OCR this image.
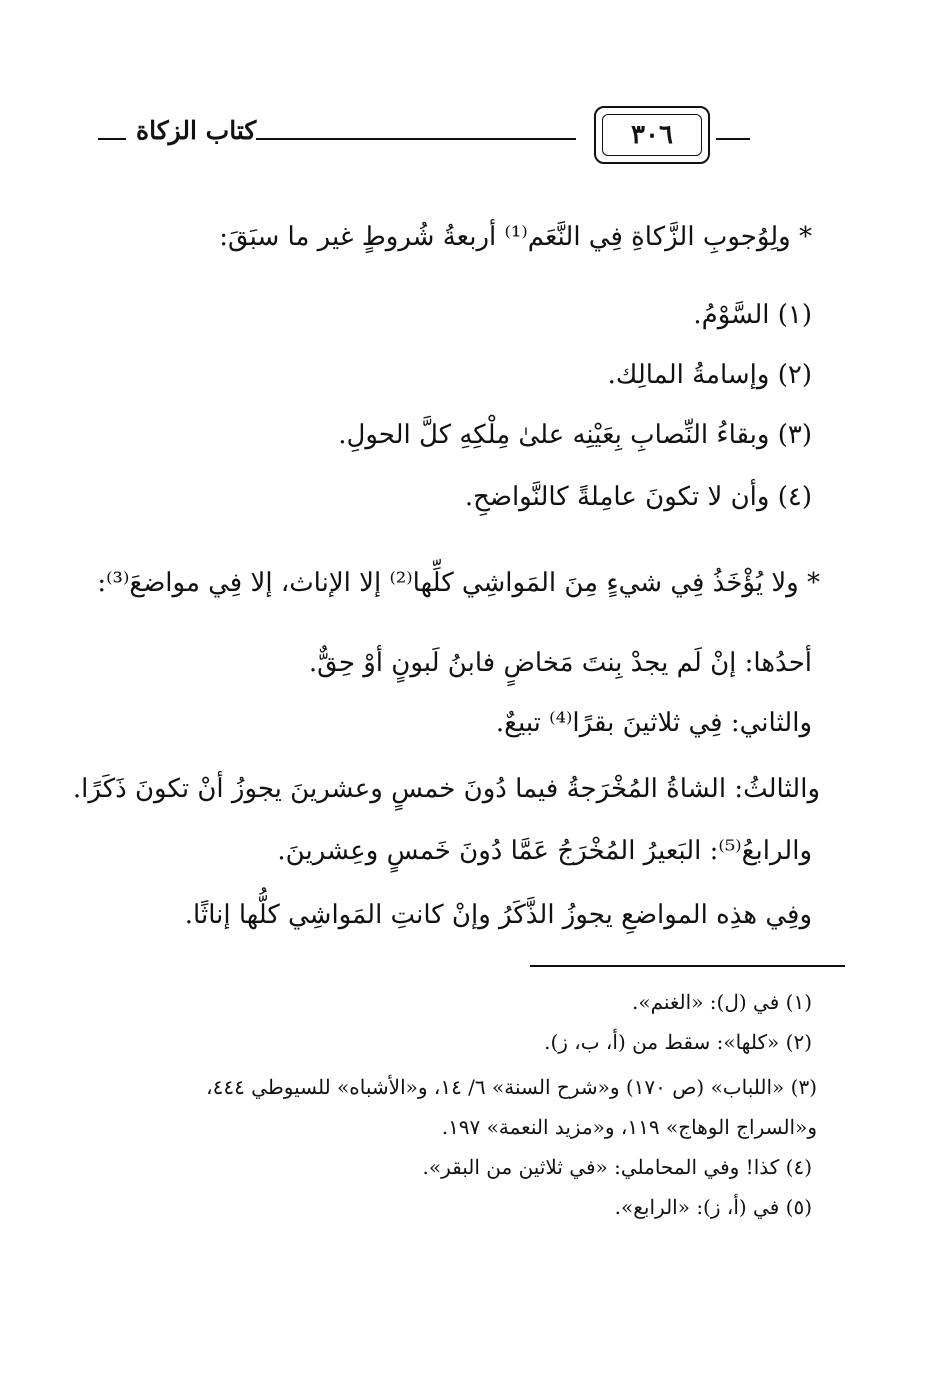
كتاب الزكاة	٣٠٦
* ولِوُجوبِ الزَّكاةِ فِي النَّعَم⁽¹⁾ أربعةُ شُروطٍ غير ما سبَقَ:
(١) السَّوْمُ.
(٢) وإسامةُ المالِك.
(٣) وبقاءُ النِّصابِ بِعَيْنِه علىٰ مِلْكِهِ كلَّ الحولِ.
(٤) وأن لا تكونَ عامِلةً كالنَّواضحِ.
* ولا يُؤْخَذُ فِي شيءٍ مِنَ المَواشِي كلِّها⁽²⁾ إلا الإناث، إلا فِي مواضعَ⁽³⁾:
أحدُها: إنْ لَم يجدْ بِنتَ مَخاضٍ فابنُ لَبونٍ أوْ حِقٌّ.
والثاني: فِي ثلاثينَ بقرًا⁽⁴⁾ تبيعٌ.
والثالثُ: الشاةُ المُخْرَجةُ فيما دُونَ خمسٍ وعشرينَ يجوزُ أنْ تكونَ ذَكَرًا.
والرابعُ⁽⁵⁾: البَعيرُ المُخْرَجُ عَمَّا دُونَ خَمسٍ وعِشرينَ.
وفِي هذِه المواضعِ يجوزُ الذَّكَرُ وإنْ كانتِ المَواشِي كلُّها إناثًا.
(١) في (ل): «الغنم».
(٢) «كلها»: سقط من (أ، ب، ز).
(٣) «اللباب» (ص ١٧٠) و«شرح السنة» ٦/ ١٤، و«الأشباه» للسيوطي ٤٤٤،
و«السراج الوهاج» ١١٩، و«مزيد النعمة» ١٩٧.
(٤) كذا! وفي المحاملي: «في ثلاثين من البقر».
(٥) في (أ، ز): «الرابع».
